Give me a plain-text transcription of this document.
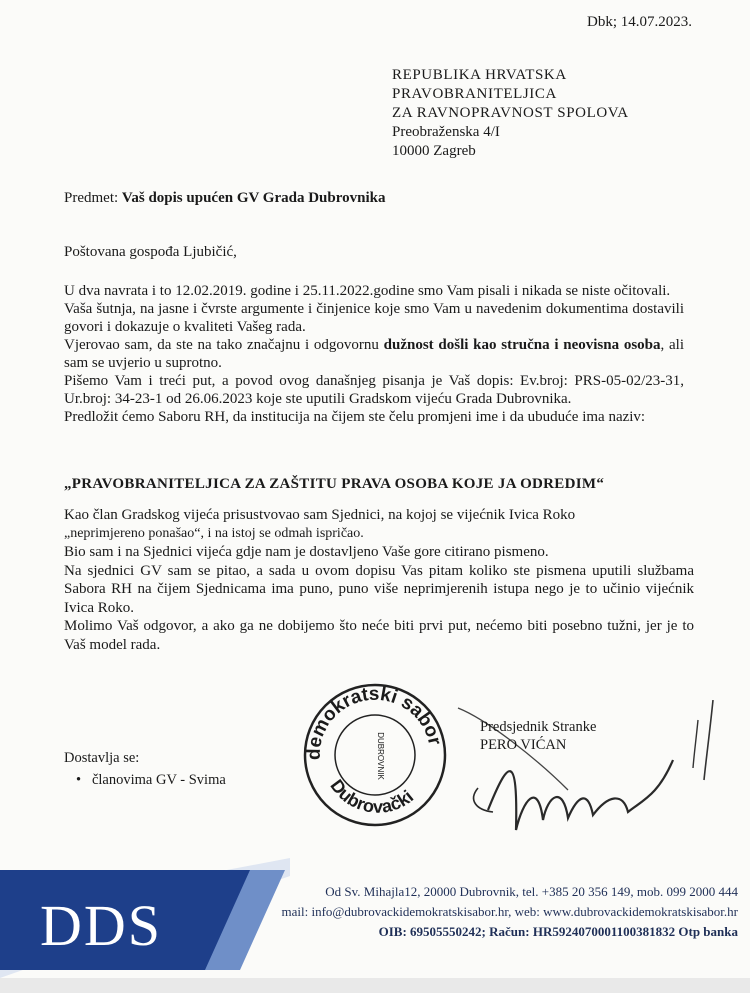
Dbk; 14.07.2023.
REPUBLIKA HRVATSKA
PRAVOBRANITELJICA
ZA RAVNOPRAVNOST SPOLOVA
Preobraženska 4/I
10000 Zagreb
Predmet: Vaš dopis upućen GV Grada Dubrovnika
Poštovana gospođa Ljubičić,

U dva navrata i to 12.02.2019. godine i 25.11.2022.godine smo Vam pisali i nikada se niste očitovali.

Vaša šutnja, na jasne i čvrste argumente i činjenice koje smo Vam u navedenim dokumentima dostavili govori i dokazuje o kvaliteti Vašeg rada.

Vjerovao sam, da ste na tako značajnu i odgovornu dužnost došli kao stručna i neovisna osoba, ali sam se uvjerio u suprotno.

Pišemo Vam i treći put, a povod ovog današnjeg pisanja je Vaš dopis: Ev.broj: PRS-05-02/23-31, Ur.broj: 34-23-1 od 26.06.2023 koje ste uputili Gradskom vijeću Grada Dubrovnika.

Predložit ćemo Saboru RH, da institucija na čijem ste čelu promjeni ime i da ubuduće ima naziv:

„PRAVOBRANITELJICA ZA ZAŠTITU PRAVA OSOBA KOJE JA ODREDIM“

Kao član Gradskog vijeća prisustvovao sam Sjednici, na kojoj se vijećnik Ivica Roko

„neprimjereno ponašao“, i na istoj se odmah ispričao.

Bio sam i na Sjednici vijeća gdje nam je dostavljeno Vaše gore citirano pismeno.

Na sjednici GV sam se pitao, a sada u ovom dopisu Vas pitam koliko ste pismena uputili službama Sabora RH na čijem Sjednicama ima puno, puno više neprimjerenih istupa nego je to učinio vijećnik Ivica Roko.

Molimo Vaš odgovor, a ako ga ne dobijemo što neće biti prvi put, nećemo biti posebno tužni, jer je to Vaš model rada.

demokratski sabor
Dubrovački
DUBROVNIK
Predsjednik Stranke
PERO VIĆAN
Dostavlja se:
•   članovima GV - Svima
DDS
Od Sv. Mihajla12, 20000 Dubrovnik, tel. +385 20 356 149, mob. 099 2000 444
mail: info@dubrovackidemokratskisabor.hr, web: www.dubrovackidemokratskisabor.hr
OIB: 69505550242; Račun: HR5924070001100381832 Otp banka
